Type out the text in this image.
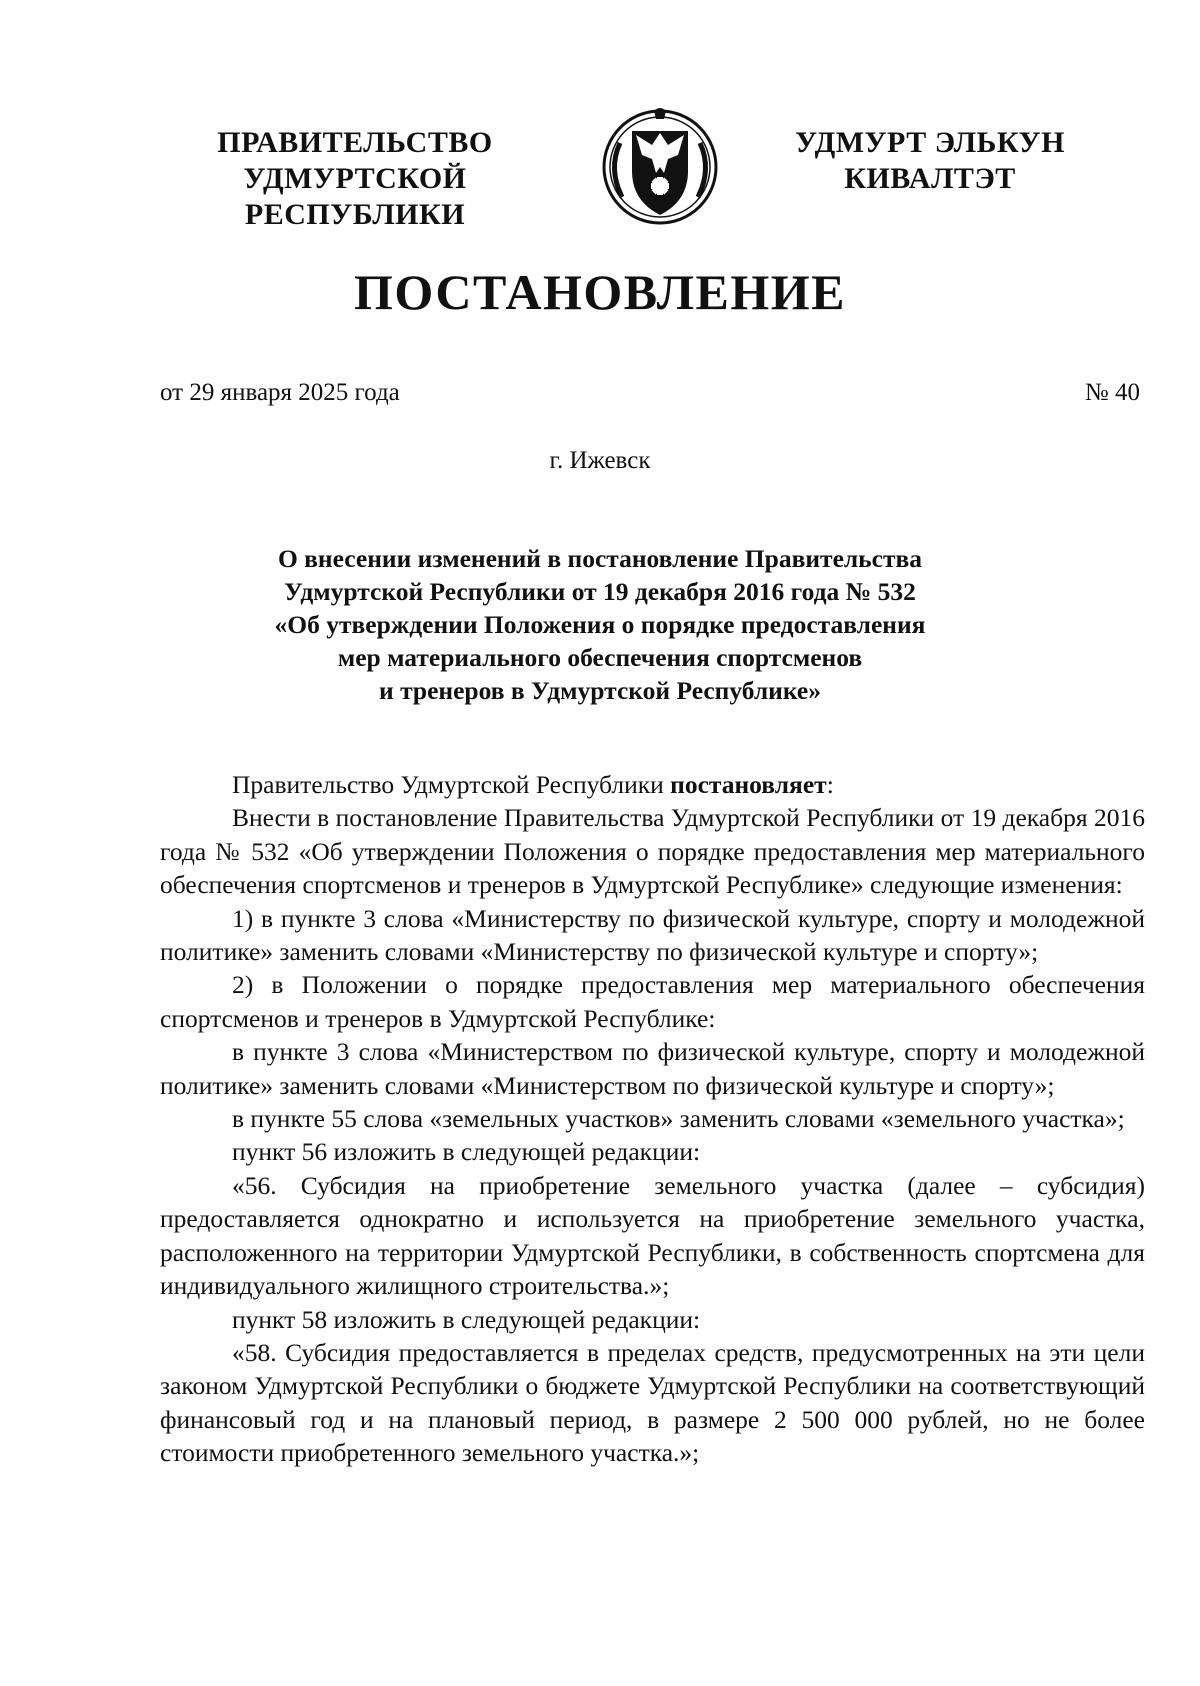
ПРАВИТЕЛЬСТВО
УДМУРТСКОЙ РЕСПУБЛИКИ
УДМУРТ ЭЛЬКУН
КИВАЛТЭТ
ПОСТАНОВЛЕНИЕ
от 29 января 2025 года	№ 40
г. Ижевск
О внесении изменений в постановление Правительства
Удмуртской Республики от 19 декабря 2016 года № 532
«Об утверждении Положения о порядке предоставления
мер материального обеспечения спортсменов
и тренеров в Удмуртской Республике»

Правительство Удмуртской Республики постановляет:

Внести в постановление Правительства Удмуртской Республики от 19 декабря 2016 года № 532 «Об утверждении Положения о порядке предоставления мер материального обеспечения спортсменов и тренеров в Удмуртской Республике» следующие изменения:

1) в пункте 3 слова «Министерству по физической культуре, спорту и молодежной политике» заменить словами «Министерству по физической культуре и спорту»;

2) в Положении о порядке предоставления мер материального обеспечения спортсменов и тренеров в Удмуртской Республике:

в пункте 3 слова «Министерством по физической культуре, спорту и молодежной политике» заменить словами «Министерством по физической культуре и спорту»;

в пункте 55 слова «земельных участков» заменить словами «земельного участка»;

пункт 56 изложить в следующей редакции:

«56. Субсидия на приобретение земельного участка (далее – субсидия) предоставляется однократно и используется на приобретение земельного участка, расположенного на территории Удмуртской Республики, в собственность спортсмена для индивидуального жилищного строительства.»;

пункт 58 изложить в следующей редакции:

«58. Субсидия предоставляется в пределах средств, предусмотренных на эти цели законом Удмуртской Республики о бюджете Удмуртской Республики на соответствующий финансовый год и на плановый период, в размере 2 500 000 рублей, но не более стоимости приобретенного земельного участка.»;
